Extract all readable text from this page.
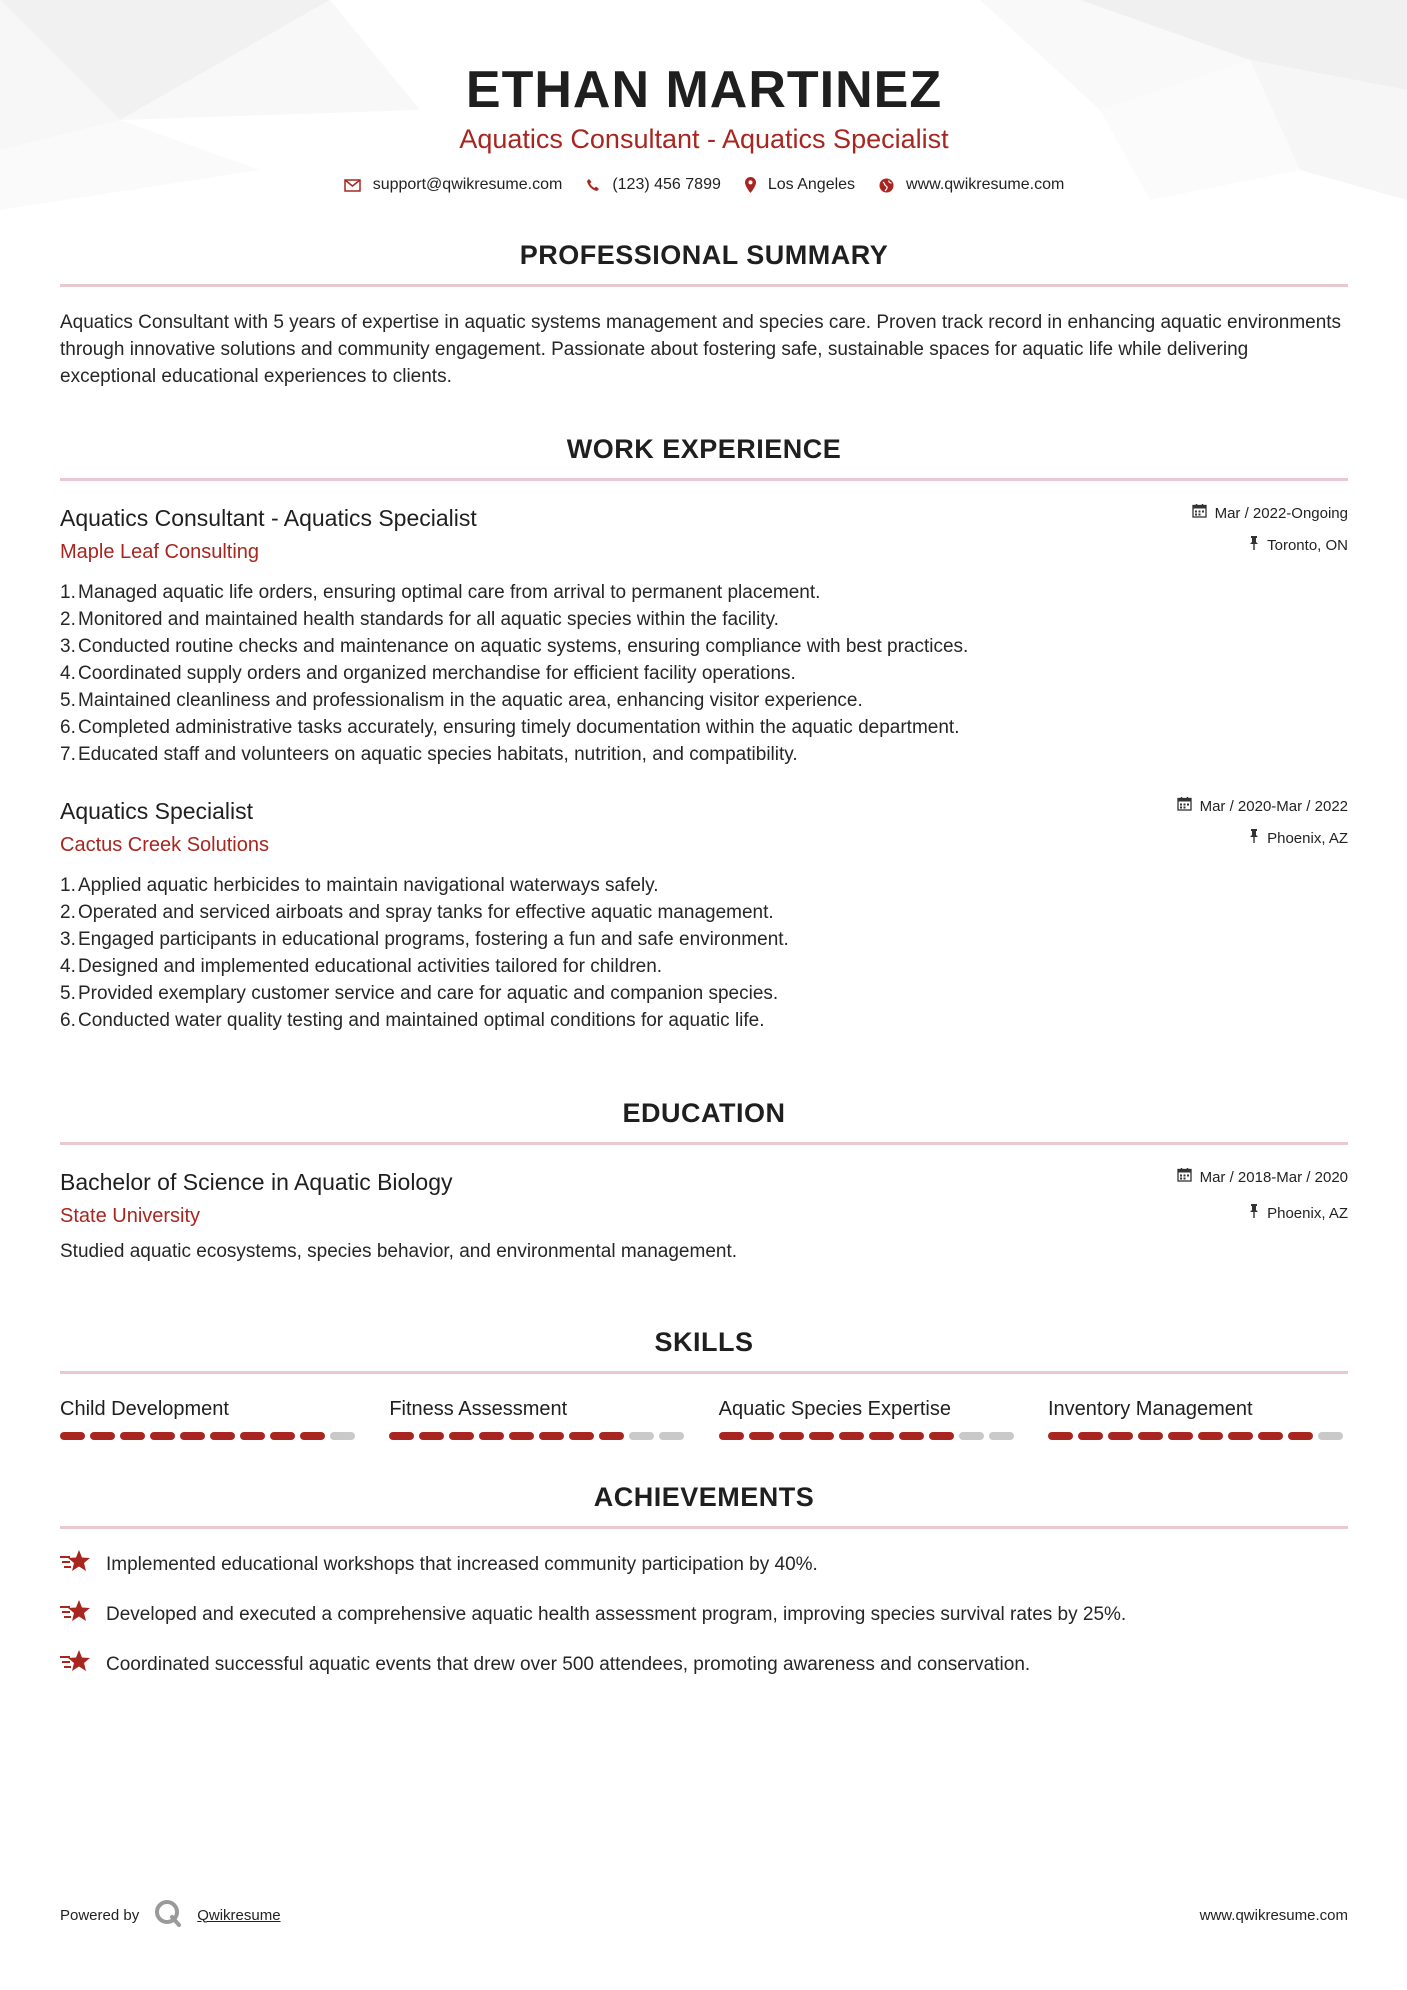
ETHAN MARTINEZ
Aquatics Consultant - Aquatics Specialist
support@qwikresume.com	(123) 456 7899	Los Angeles	www.qwikresume.com
PROFESSIONAL SUMMARY
Aquatics Consultant with 5 years of expertise in aquatic systems management and species care. Proven track record in enhancing aquatic environments through innovative solutions and community engagement. Passionate about fostering safe, sustainable spaces for aquatic life while delivering exceptional educational experiences to clients.
WORK EXPERIENCE
Aquatics Consultant - Aquatics Specialist
Maple Leaf Consulting
Mar / 2022-Ongoing
Toronto, ON
1. Managed aquatic life orders, ensuring optimal care from arrival to permanent placement.
2. Monitored and maintained health standards for all aquatic species within the facility.
3. Conducted routine checks and maintenance on aquatic systems, ensuring compliance with best practices.
4. Coordinated supply orders and organized merchandise for efficient facility operations.
5. Maintained cleanliness and professionalism in the aquatic area, enhancing visitor experience.
6. Completed administrative tasks accurately, ensuring timely documentation within the aquatic department.
7. Educated staff and volunteers on aquatic species habitats, nutrition, and compatibility.
Aquatics Specialist
Cactus Creek Solutions
Mar / 2020-Mar / 2022
Phoenix, AZ
1. Applied aquatic herbicides to maintain navigational waterways safely.
2. Operated and serviced airboats and spray tanks for effective aquatic management.
3. Engaged participants in educational programs, fostering a fun and safe environment.
4. Designed and implemented educational activities tailored for children.
5. Provided exemplary customer service and care for aquatic and companion species.
6. Conducted water quality testing and maintained optimal conditions for aquatic life.
EDUCATION
Bachelor of Science in Aquatic Biology
State University
Mar / 2018-Mar / 2020
Phoenix, AZ
Studied aquatic ecosystems, species behavior, and environmental management.
SKILLS
Child Development	Fitness Assessment	Aquatic Species Expertise	Inventory Management
ACHIEVEMENTS
Implemented educational workshops that increased community participation by 40%.
Developed and executed a comprehensive aquatic health assessment program, improving species survival rates by 25%.
Coordinated successful aquatic events that drew over 500 attendees, promoting awareness and conservation.
Powered by	Qwikresume	www.qwikresume.com
